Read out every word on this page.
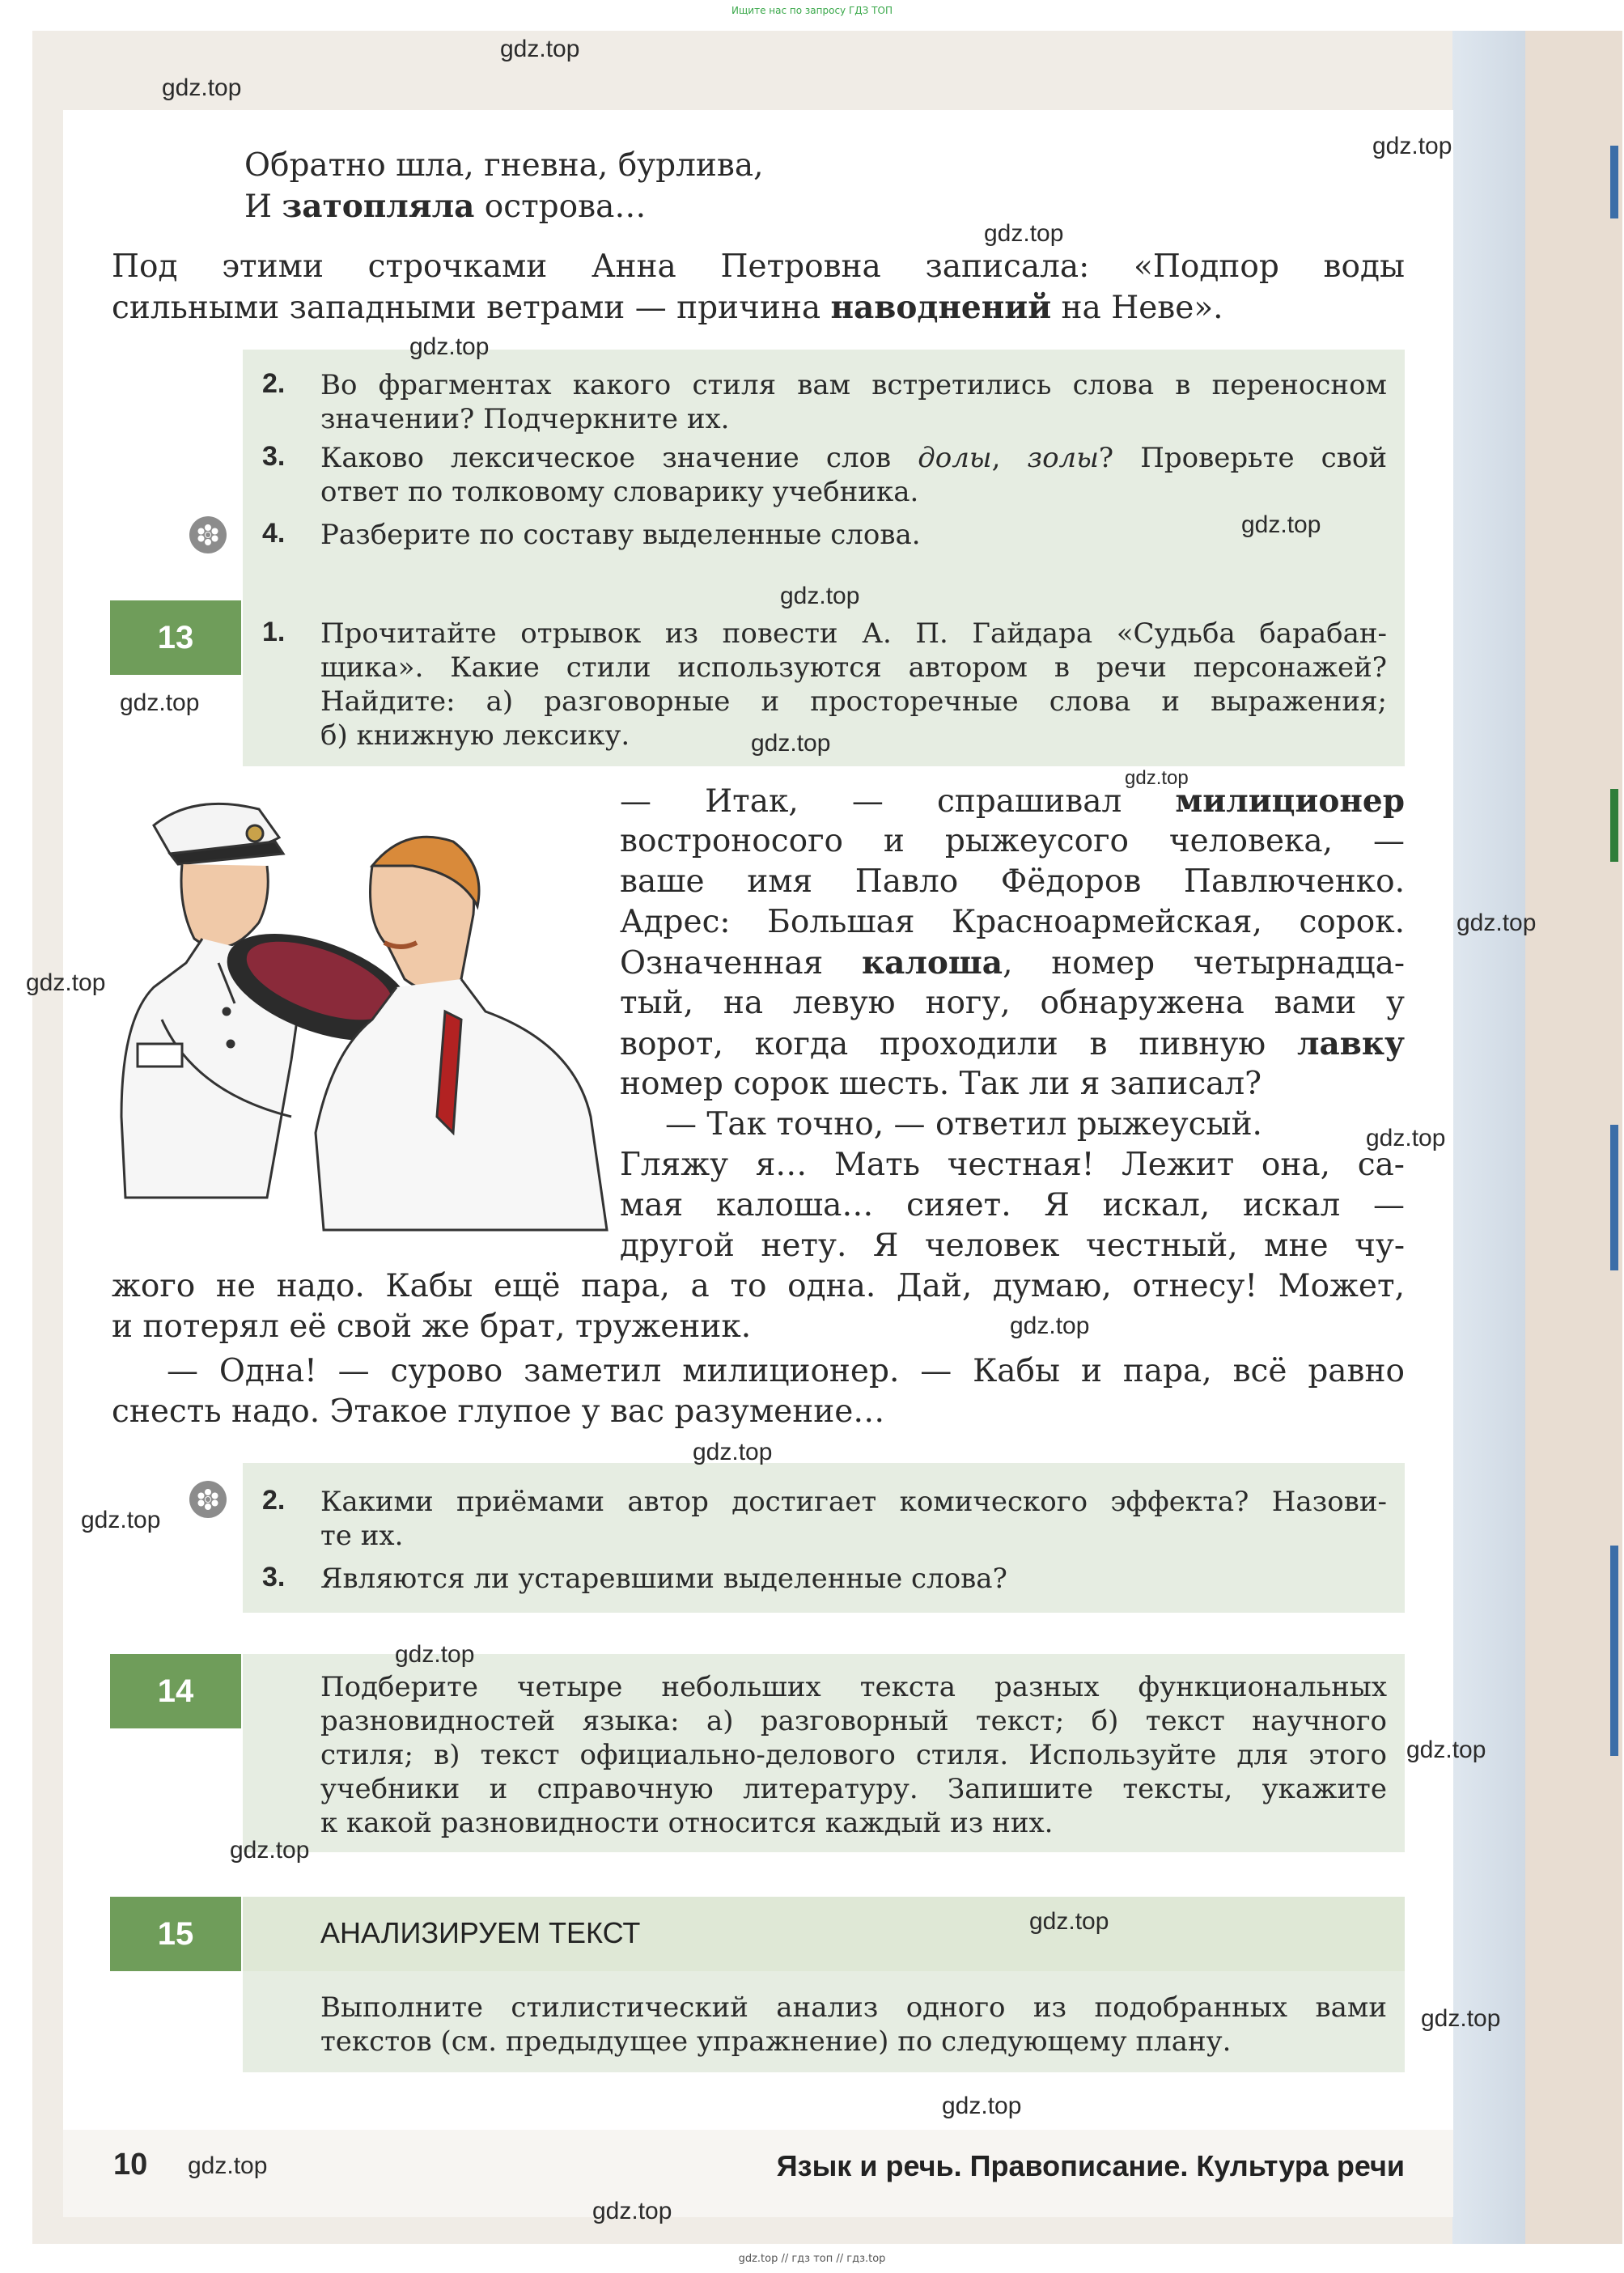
Ищите нас по запросу ГДЗ ТОП
Обратно шла, гневна, бурлива,
И затопляла острова…
Под этими строчками Анна Петровна записала: «Подпор воды
сильными западными ветрами — причина наводнений на Неве».
2.	Во фрагментах какого стиля вам встретились слова в переносном
значении? Подчеркните их.
3.	Каково лексическое значение слов долы, золы? Проверьте свой
ответ по толковому словарику учебника.
4.	Разберите по составу выделенные слова.
13	1.	Прочитайте отрывок из повести А. П. Гайдара «Судьба барабан-
щика». Какие стили используются автором в речи персонажей?
Найдите: а) разговорные и просторечные слова и выражения;
б) книжную лексику.
— Итак, — спрашивал милиционер
востроносого и рыжеусого человека, —
ваше имя Павло Фёдоров Павлюченко.
Адрес: Большая Красноармейская, сорок.
Означенная калоша, номер четырнадца-
тый, на левую ногу, обнаружена вами у
ворот, когда проходили в пивную лавку
номер сорок шесть. Так ли я записал?
— Так точно, — ответил рыжеусый.
Гляжу я… Мать честная! Лежит она, са-
мая калоша… сияет. Я искал, искал —
другой нету. Я человек честный, мне чу-
жого не надо. Кабы ещё пара, а то одна. Дай, думаю, отнесу! Может,
и потерял её свой же брат, труженик.
— Одна! — сурово заметил милиционер. — Кабы и пара, всё равно
снесть надо. Этакое глупое у вас разумение…
2.	Какими приёмами автор достигает комического эффекта? Назови-
те их.
3.	Являются ли устаревшими выделенные слова?
14	Подберите четыре небольших текста разных функциональных
разновидностей языка: а) разговорный текст; б) текст научного
стиля; в) текст официально-делового стиля. Используйте для этого
учебники и справочную литературу. Запишите тексты, укажите
к какой разновидности относится каждый из них.
15	АНАЛИЗИРУЕМ ТЕКСТ
Выполните стилистический анализ одного из подобранных вами
текстов (см. предыдущее упражнение) по следующему плану.
10	Язык и речь. Правописание. Культура речи
gdz.top // гдз топ // гдз.top
gdz.top
gdz.top
gdz.top
gdz.top
gdz.top
gdz.top
gdz.top
gdz.top
gdz.top
gdz.top
gdz.top
gdz.top
gdz.top
gdz.top
gdz.top
gdz.top
gdz.top
gdz.top
gdz.top
gdz.top
gdz.top
gdz.top
gdz.top
gdz.top
